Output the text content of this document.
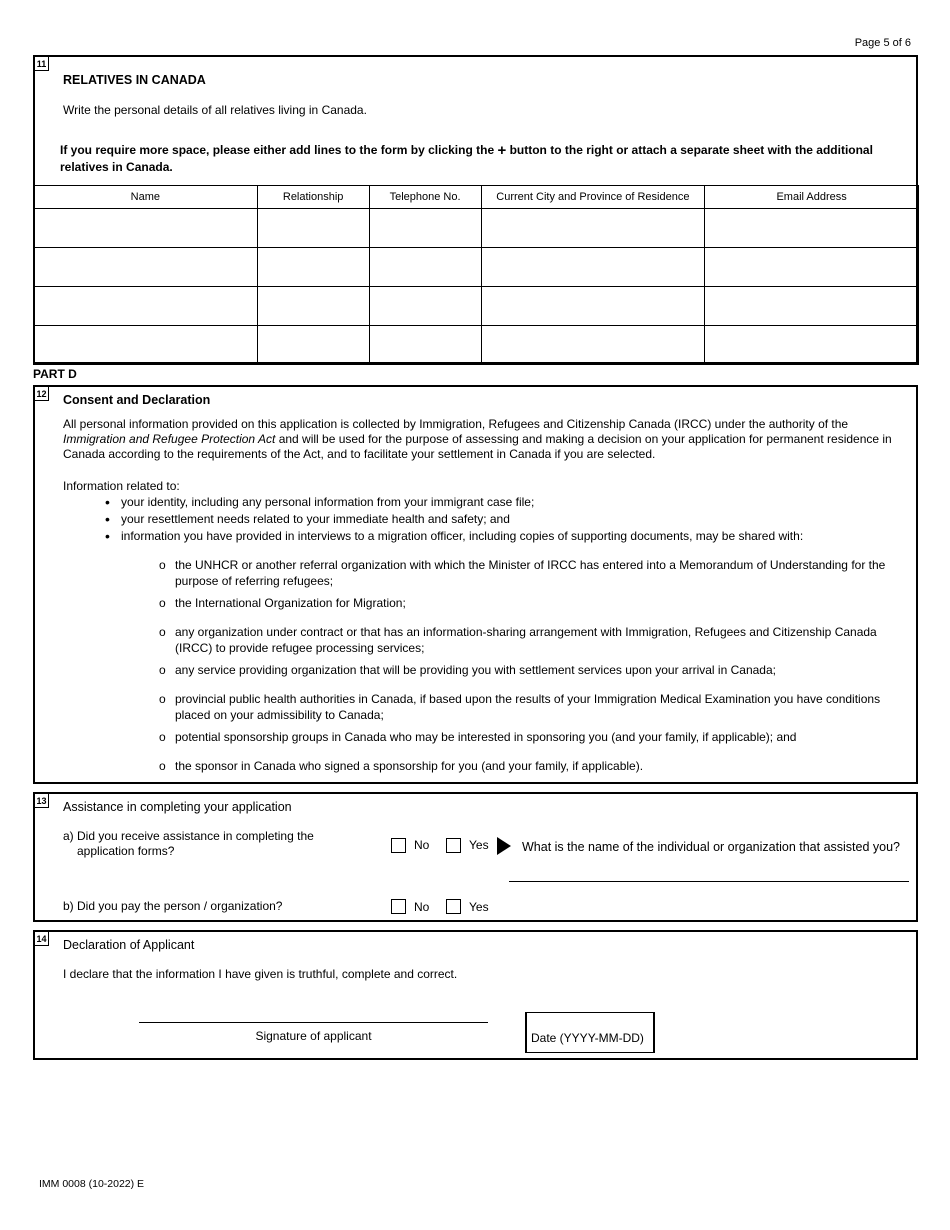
Page 5 of 6
11
RELATIVES IN CANADA
Write the personal details of all relatives living in Canada.
If you require more space, please either add lines to the form by clicking the + button to the right or attach a separate sheet with the additional relatives in Canada.
Name	Relationship	Telephone No.	Current City and Province of Residence	Email Address

PART D
12 Consent and Declaration
All personal information provided on this application is collected by Immigration, Refugees and Citizenship Canada (IRCC) under the authority of the Immigration and Refugee Protection Act and will be used for the purpose of assessing and making a decision on your application for permanent residence in Canada according to the requirements of the Act, and to facilitate your settlement in Canada if you are selected.
Information related to:
• your identity, including any personal information from your immigrant case file;
• your resettlement needs related to your immediate health and safety; and
• information you have provided in interviews to a migration officer, including copies of supporting documents, may be shared with:
o the UNHCR or another referral organization with which the Minister of IRCC has entered into a Memorandum of Understanding for the purpose of referring refugees;
o the International Organization for Migration;
o any organization under contract or that has an information-sharing arrangement with Immigration, Refugees and Citizenship Canada (IRCC) to provide refugee processing services;
o any service providing organization that will be providing you with settlement services upon your arrival in Canada;
o provincial public health authorities in Canada, if based upon the results of your Immigration Medical Examination you have conditions placed on your admissibility to Canada;
o potential sponsorship groups in Canada who may be interested in sponsoring you (and your family, if applicable); and
o the sponsor in Canada who signed a sponsorship for you (and your family, if applicable).
13 Assistance in completing your application
a) Did you receive assistance in completing the
application forms?	No	Yes	What is the name of the individual or organization that assisted you?
b) Did you pay the person / organization?	No	Yes
14 Declaration of Applicant
I declare that the information I have given is truthful, complete and correct.
Signature of applicant	Date (YYYY-MM-DD)
IMM 0008 (10-2022) E
